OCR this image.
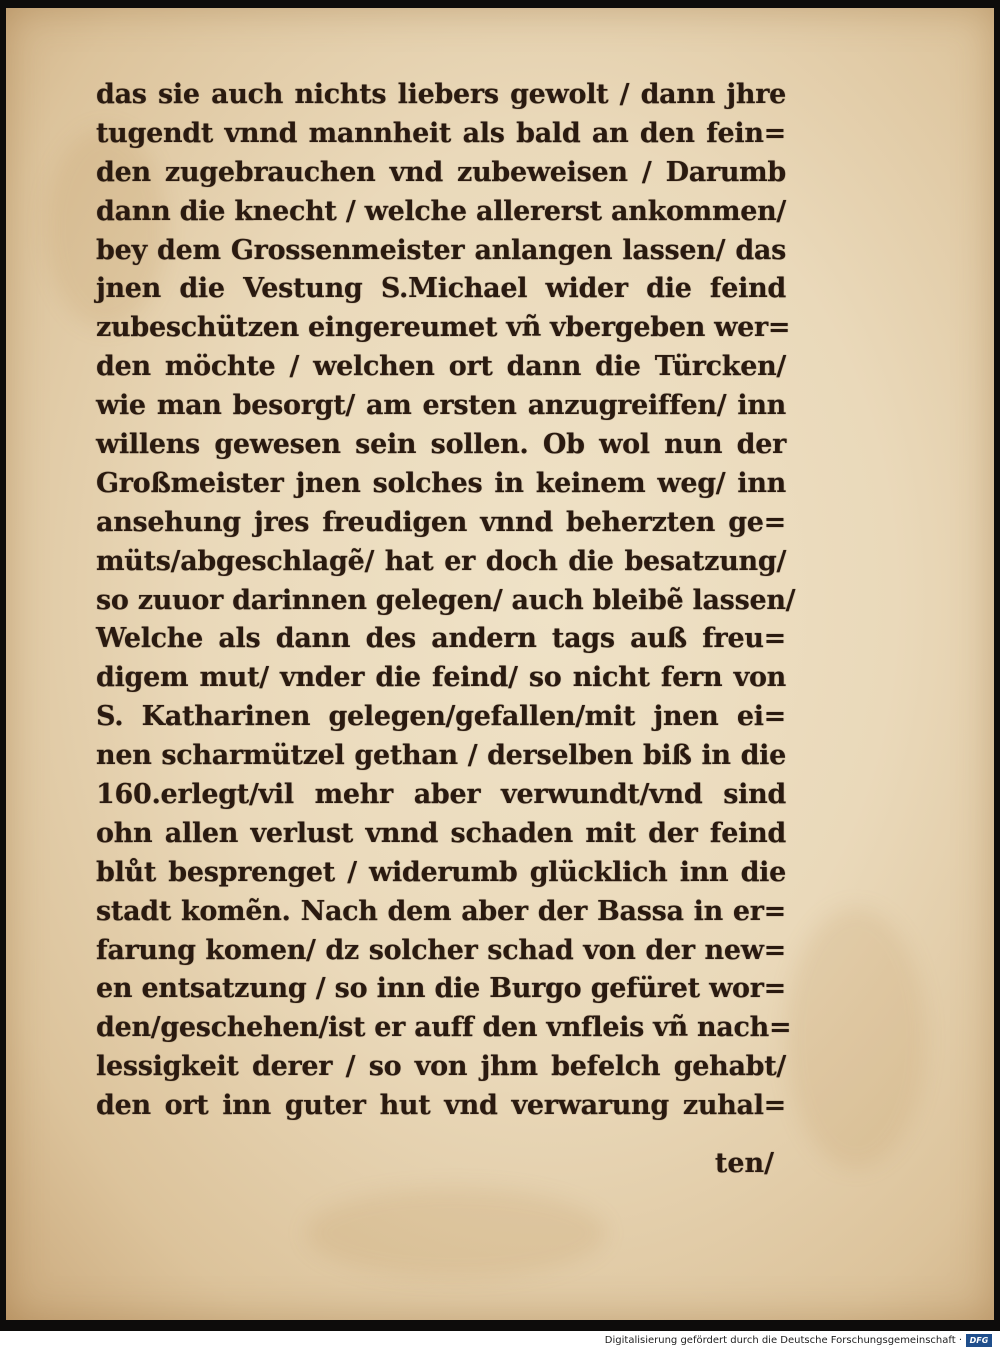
das sie auch nichts liebers gewolt / dann jhre
tugendt vnnd mannheit als bald an den fein=
den zugebrauchen vnd zubeweisen / Darumb
dann die knecht / welche allererst ankommen/
bey dem Grossenmeister anlangen lassen/ das
jnen die Vestung S.Michael wider die feind
zubeschützen eingereumet vñ vbergeben wer=
den möchte / welchen ort dann die Türcken/
wie man besorgt/ am ersten anzugreiffen/ inn
willens gewesen sein sollen. Ob wol nun der
Großmeister jnen solches in keinem weg/ inn
ansehung jres freudigen vnnd beherzten ge=
müts/abgeschlagẽ/ hat er doch die besatzung/
so zuuor darinnen gelegen/ auch bleibẽ lassen/
Welche als dann des andern tags auß freu=
digem mut/ vnder die feind/ so nicht fern von
S. Katharinen gelegen/gefallen/mit jnen ei=
nen scharmützel gethan / derselben biß in die
160.erlegt/vil mehr aber verwundt/vnd sind
ohn allen verlust vnnd schaden mit der feind
blůt besprenget / widerumb glücklich inn die
stadt komẽn. Nach dem aber der Bassa in er=
farung komen/ dz solcher schad von der new=
en entsatzung / so inn die Burgo gefüret wor=
den/geschehen/ist er auff den vnfleis vñ nach=
lessigkeit derer / so von jhm befelch gehabt/
den ort inn guter hut vnd verwarung zuhal=
ten/
Digitalisierung gefördert durch die Deutsche Forschungsgemeinschaft · DFG
